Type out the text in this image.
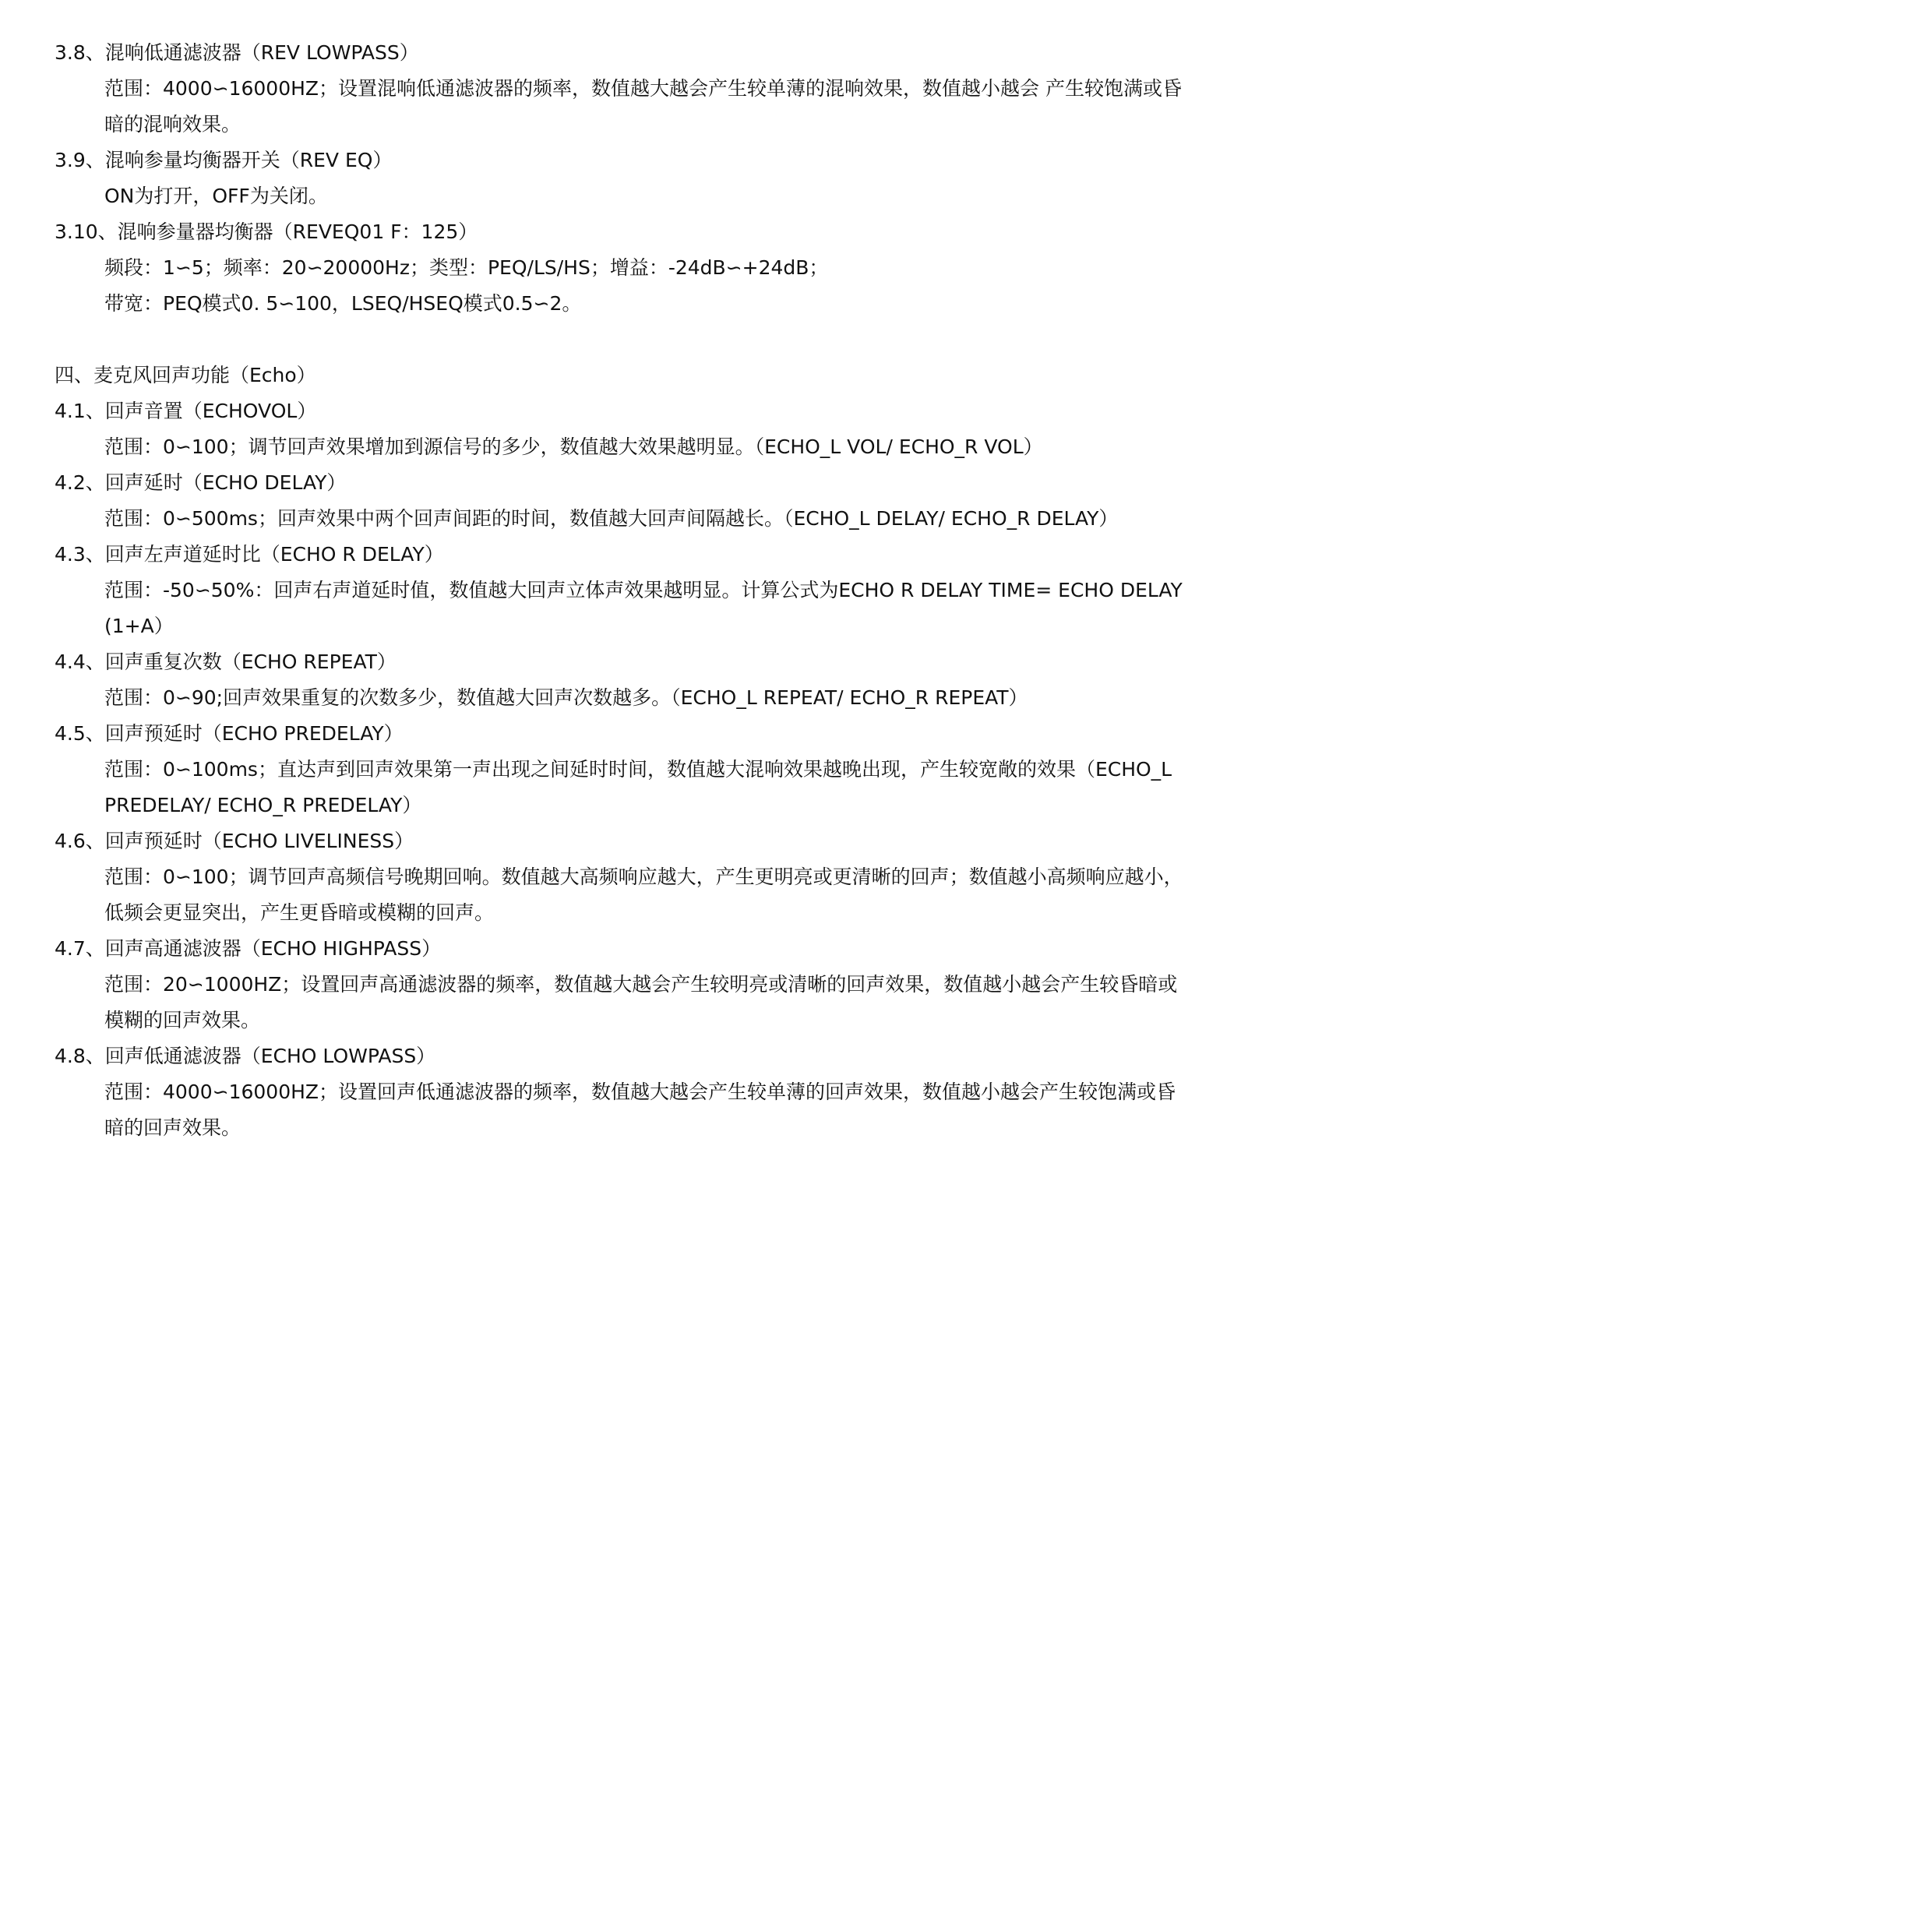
3.8、混响低通滤波器（REV LOWPASS）
范围：4000∽16000HZ；设置混响低通滤波器的频率，数值越大越会产生较单薄的混响效果，数值越小越会 产生较饱满或昏暗的混响效果。
3.9、混响参量均衡器开关（REV EQ）
ON为打开，OFF为关闭。
3.10、混响参量器均衡器（REVEQ01 F：125）
频段：1∽5；频率：20∽20000Hz；类型：PEQ/LS/HS；增益：-24dB∽+24dB；
带宽：PEQ模式0. 5∽100，LSEQ/HSEQ模式0.5∽2。
四、麦克风回声功能（Echo）
4.1、回声音置（ECHOVOL）
范围：0∽100；调节回声效果增加到源信号的多少，数值越大效果越明显。（ECHO_L VOL/ ECHO_R VOL）
4.2、回声延时（ECHO DELAY）
范围：0∽500ms；回声效果中两个回声间距的时间，数值越大回声间隔越长。（ECHO_L DELAY/ ECHO_R DELAY）
4.3、回声左声道延时比（ECHO R DELAY）
范围：-50∽50%：回声右声道延时值，数值越大回声立体声效果越明显。计算公式为ECHO R DELAY TIME= ECHO DELAY (1+A）
4.4、回声重复次数（ECHO REPEAT）
范围：0∽90;回声效果重复的次数多少，数值越大回声次数越多。（ECHO_L REPEAT/ ECHO_R REPEAT）
4.5、回声预延时（ECHO PREDELAY）
范围：0∽100ms；直达声到回声效果第一声出现之间延时时间，数值越大混响效果越晚出现，产生较宽敞的效果（ECHO_L PREDELAY/ ECHO_R PREDELAY）
4.6、回声预延时（ECHO LIVELINESS）
范围：0∽100；调节回声高频信号晚期回响。数值越大高频响应越大，产生更明亮或更清晰的回声；数值越小高频响应越小，低频会更显突出，产生更昏暗或模糊的回声。
4.7、回声高通滤波器（ECHO HIGHPASS）
范围：20∽1000HZ；设置回声高通滤波器的频率，数值越大越会产生较明亮或清晰的回声效果，数值越小越会产生较昏暗或模糊的回声效果。
4.8、回声低通滤波器（ECHO LOWPASS）
范围：4000∽16000HZ；设置回声低通滤波器的频率，数值越大越会产生较单薄的回声效果，数值越小越会产生较饱满或昏暗的回声效果。
